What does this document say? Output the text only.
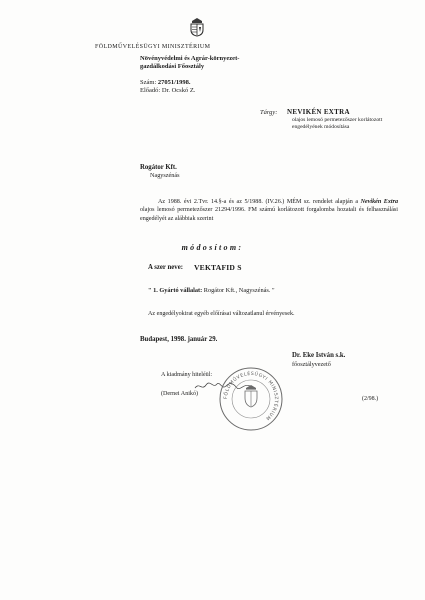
FÖLDMŰVELÉSÜGYI MINISZTÉRIUM
Növényvédelmi és Agrár-környezet-
gazdálkodási Főosztály
Szám: 27051/1998.
Előadó: Dr. Ocskó Z.
Tárgy: NEVIKÉN EXTRA
olajos lemosó permetezőszer korlátozott engedélyének módosítása
Rogátor Kft.
Nagyszénás
Az 1988. évi 2.Tvr. 14.§-a és az 5/1988. (IV.26.) MÉM sz. rendelet alapján a Nevikén Extra olajos lemosó permetezőszer 21294/1996. FM számú korlátozott forgalomba hozatali és felhasználási engedélyét az alábbiak szerint
módosítom:
A szer neve: VEKTAFID S
" 1. Gyártó vállalat: Rogátor Kft., Nagyszénás. "
Az engedélyokirat egyéb előírásai változatlanul érvényesek.
Budapest, 1998. január 29.
Dr. Eke István s.k.
főosztályvezető
A kiadmány hiteléül:
(Dernei Anikó)
FÖLDMŰVELÉSÜGYI MINISZTÉRIUM
(2/98.)
